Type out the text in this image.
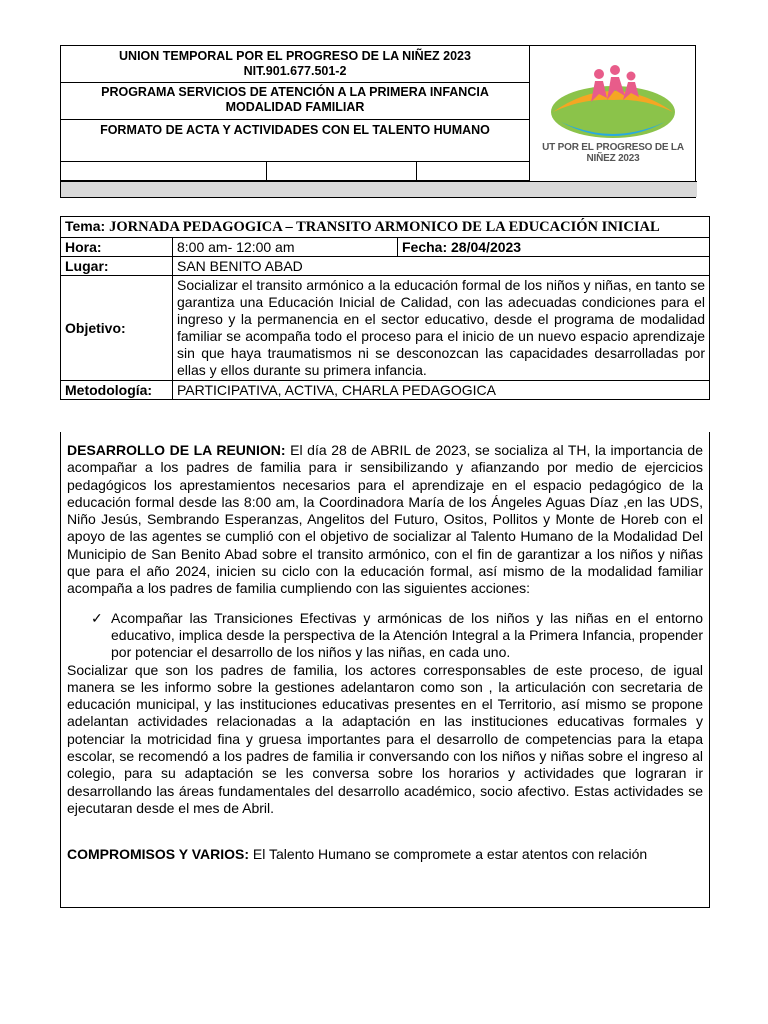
UNION TEMPORAL POR EL PROGRESO DE LA NIÑEZ 2023
NIT.901.677.501-2
PROGRAMA SERVICIOS DE ATENCIÓN A LA PRIMERA INFANCIA
MODALIDAD FAMILIAR
FORMATO DE ACTA Y ACTIVIDADES CON EL TALENTO HUMANO
UT POR EL PROGRESO DE LA NIÑEZ 2023
Tema: JORNADA PEDAGOGICA – TRANSITO ARMONICO DE LA EDUCACIÓN INICIAL		
Hora:	8:00 am- 12:00 am	Fecha: 28/04/2023
Lugar:	SAN BENITO ABAD	
Objetivo:	Socializar el transito armónico a la educación formal de los niños y niñas, en tanto se garantiza una Educación Inicial de Calidad, con las adecuadas condiciones para el ingreso y la permanencia en el sector educativo, desde el programa de modalidad familiar se acompaña todo el proceso para el inicio de un nuevo espacio aprendizaje sin que haya traumatismos ni se desconozcan las capacidades desarrolladas por ellas y ellos durante su primera infancia.	
Metodología:	PARTICIPATIVA, ACTIVA, CHARLA PEDAGOGICA	

DESARROLLO DE LA REUNION: El día 28 de ABRIL de 2023, se socializa al TH, la importancia de acompañar a los padres de familia para ir sensibilizando y afianzando por medio de ejercicios pedagógicos los aprestamientos necesarios para el aprendizaje en el espacio pedagógico de la educación formal desde las 8:00 am, la Coordinadora María de los Ángeles Aguas Díaz ,en las UDS, Niño Jesús, Sembrando Esperanzas, Angelitos del Futuro, Ositos, Pollitos y Monte de Horeb con el apoyo de las agentes se cumplió con el objetivo de socializar al Talento Humano de la Modalidad Del Municipio de San Benito Abad sobre el transito armónico, con el fin de garantizar a los niños y niñas que para el año 2024, inicien su ciclo con la educación formal, así mismo de la modalidad familiar acompaña a los padres de familia cumpliendo con las siguientes acciones:

✓ Acompañar las Transiciones Efectivas y armónicas de los niños y las niñas en el entorno educativo, implica desde la perspectiva de la Atención Integral a la Primera Infancia, propender por potenciar el desarrollo de los niños y las niñas, en cada uno.

Socializar que son los padres de familia, los actores corresponsables de este proceso, de igual manera se les informo sobre la gestiones adelantaron como son , la articulación con secretaria de educación municipal, y las instituciones educativas presentes en el Territorio, así mismo se propone adelantan actividades relacionadas a la adaptación en las instituciones educativas formales y potenciar la motricidad fina y gruesa importantes para el desarrollo de competencias para la etapa escolar, se recomendó a los padres de familia ir conversando con los niños y niñas sobre el ingreso al colegio, para su adaptación se les conversa sobre los horarios y actividades que lograran ir desarrollando las áreas fundamentales del desarrollo académico, socio afectivo. Estas actividades se ejecutaran desde el mes de Abril.

COMPROMISOS Y VARIOS: El Talento Humano se compromete a estar atentos con relación
